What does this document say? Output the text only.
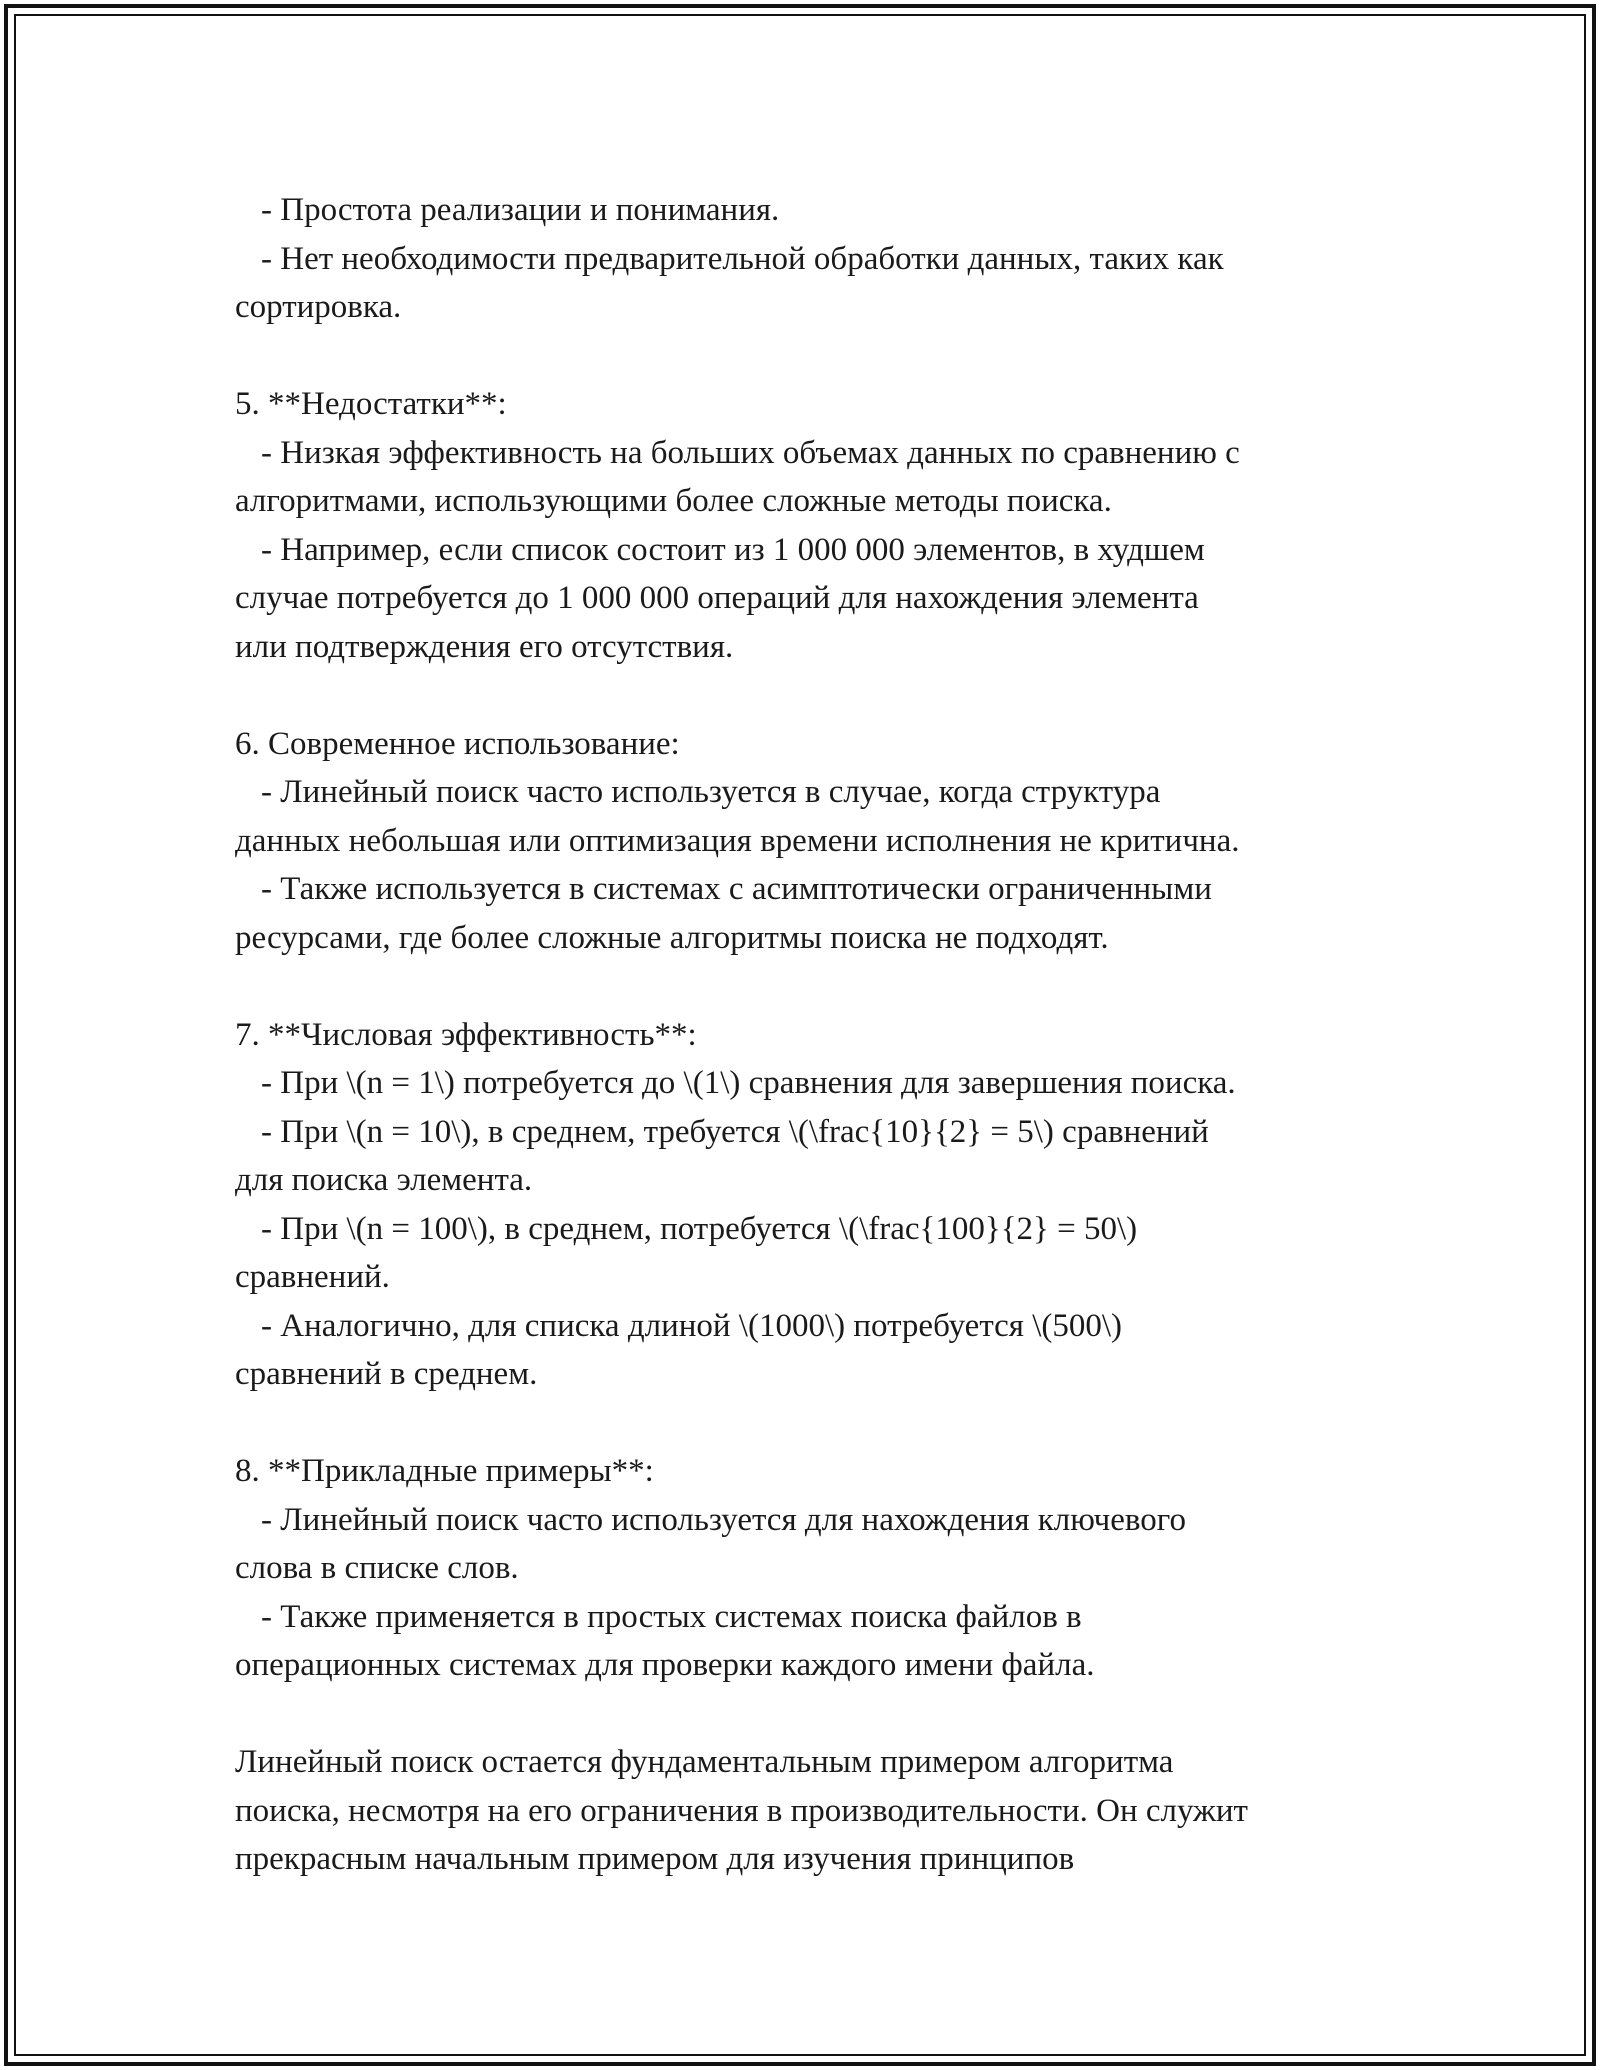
- Простота реализации и понимания.
- Нет необходимости предварительной обработки данных, таких как
сортировка.
5. **Недостатки**:
- Низкая эффективность на больших объемах данных по сравнению с
алгоритмами, использующими более сложные методы поиска.
- Например, если список состоит из 1 000 000 элементов, в худшем
случае потребуется до 1 000 000 операций для нахождения элемента
или подтверждения его отсутствия.
6. Современное использование:
- Линейный поиск часто используется в случае, когда структура
данных небольшая или оптимизация времени исполнения не критична.
- Также используется в системах с асимптотически ограниченными
ресурсами, где более сложные алгоритмы поиска не подходят.
7. **Числовая эффективность**:
- При \(n = 1\) потребуется до \(1\) сравнения для завершения поиска.
- При \(n = 10\), в среднем, требуется \(\frac{10}{2} = 5\) сравнений
для поиска элемента.
- При \(n = 100\), в среднем, потребуется \(\frac{100}{2} = 50\)
сравнений.
- Аналогично, для списка длиной \(1000\) потребуется \(500\)
сравнений в среднем.
8. **Прикладные примеры**:
- Линейный поиск часто используется для нахождения ключевого
слова в списке слов.
- Также применяется в простых системах поиска файлов в
операционных системах для проверки каждого имени файла.
Линейный поиск остается фундаментальным примером алгоритма
поиска, несмотря на его ограничения в производительности. Он служит
прекрасным начальным примером для изучения принципов
